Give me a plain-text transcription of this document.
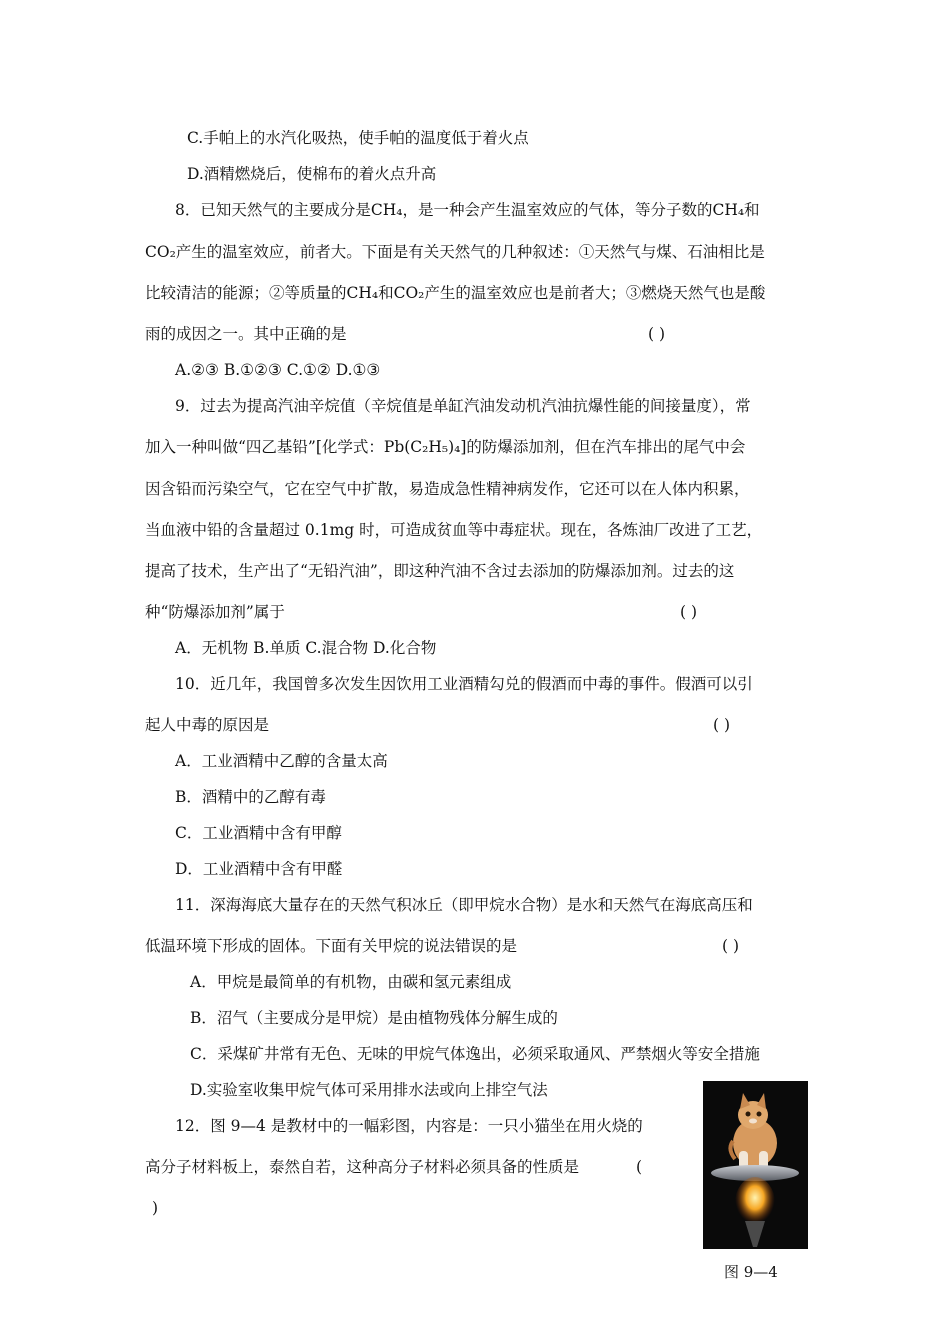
C.手帕上的水汽化吸热，使手帕的温度低于着火点
D.酒精燃烧后，使棉布的着火点升高
8．已知天然气的主要成分是CH₄，是一种会产生温室效应的气体，等分子数的CH₄和
CO₂产生的温室效应，前者大。下面是有关天然气的几种叙述：①天然气与煤、石油相比是
比较清洁的能源；②等质量的CH₄和CO₂产生的温室效应也是前者大；③燃烧天然气也是酸
雨的成因之一。其中正确的是	( )
A.②③ B.①②③ C.①② D.①③
9．过去为提高汽油辛烷值（辛烷值是单缸汽油发动机汽油抗爆性能的间接量度），常
加入一种叫做“四乙基铅”[化学式：Pb(C₂H₅)₄]的防爆添加剂，但在汽车排出的尾气中会
因含铅而污染空气，它在空气中扩散，易造成急性精神病发作，它还可以在人体内积累，
当血液中铅的含量超过 0.1mg 时，可造成贫血等中毒症状。现在，各炼油厂改进了工艺，
提高了技术，生产出了“无铅汽油”，即这种汽油不含过去添加的防爆添加剂。过去的这
种“防爆添加剂”属于	( )
A．无机物 B.单质 C.混合物 D.化合物
10．近几年，我国曾多次发生因饮用工业酒精勾兑的假酒而中毒的事件。假酒可以引
起人中毒的原因是	( )
A．工业酒精中乙醇的含量太高
B．酒精中的乙醇有毒
C．工业酒精中含有甲醇
D．工业酒精中含有甲醛
11．深海海底大量存在的天然气积冰丘（即甲烷水合物）是水和天然气在海底高压和
低温环境下形成的固体。下面有关甲烷的说法错误的是	( )
A．甲烷是最简单的有机物，由碳和氢元素组成
B．沼气（主要成分是甲烷）是由植物残体分解生成的
C．采煤矿井常有无色、无味的甲烷气体逸出，必须采取通风、严禁烟火等安全措施
D.实验室收集甲烷气体可采用排水法或向上排空气法
12．图 9—4 是教材中的一幅彩图，内容是：一只小猫坐在用火烧的
高分子材料板上，泰然自若，这种高分子材料必须具备的性质是	(
)
图 9—4
